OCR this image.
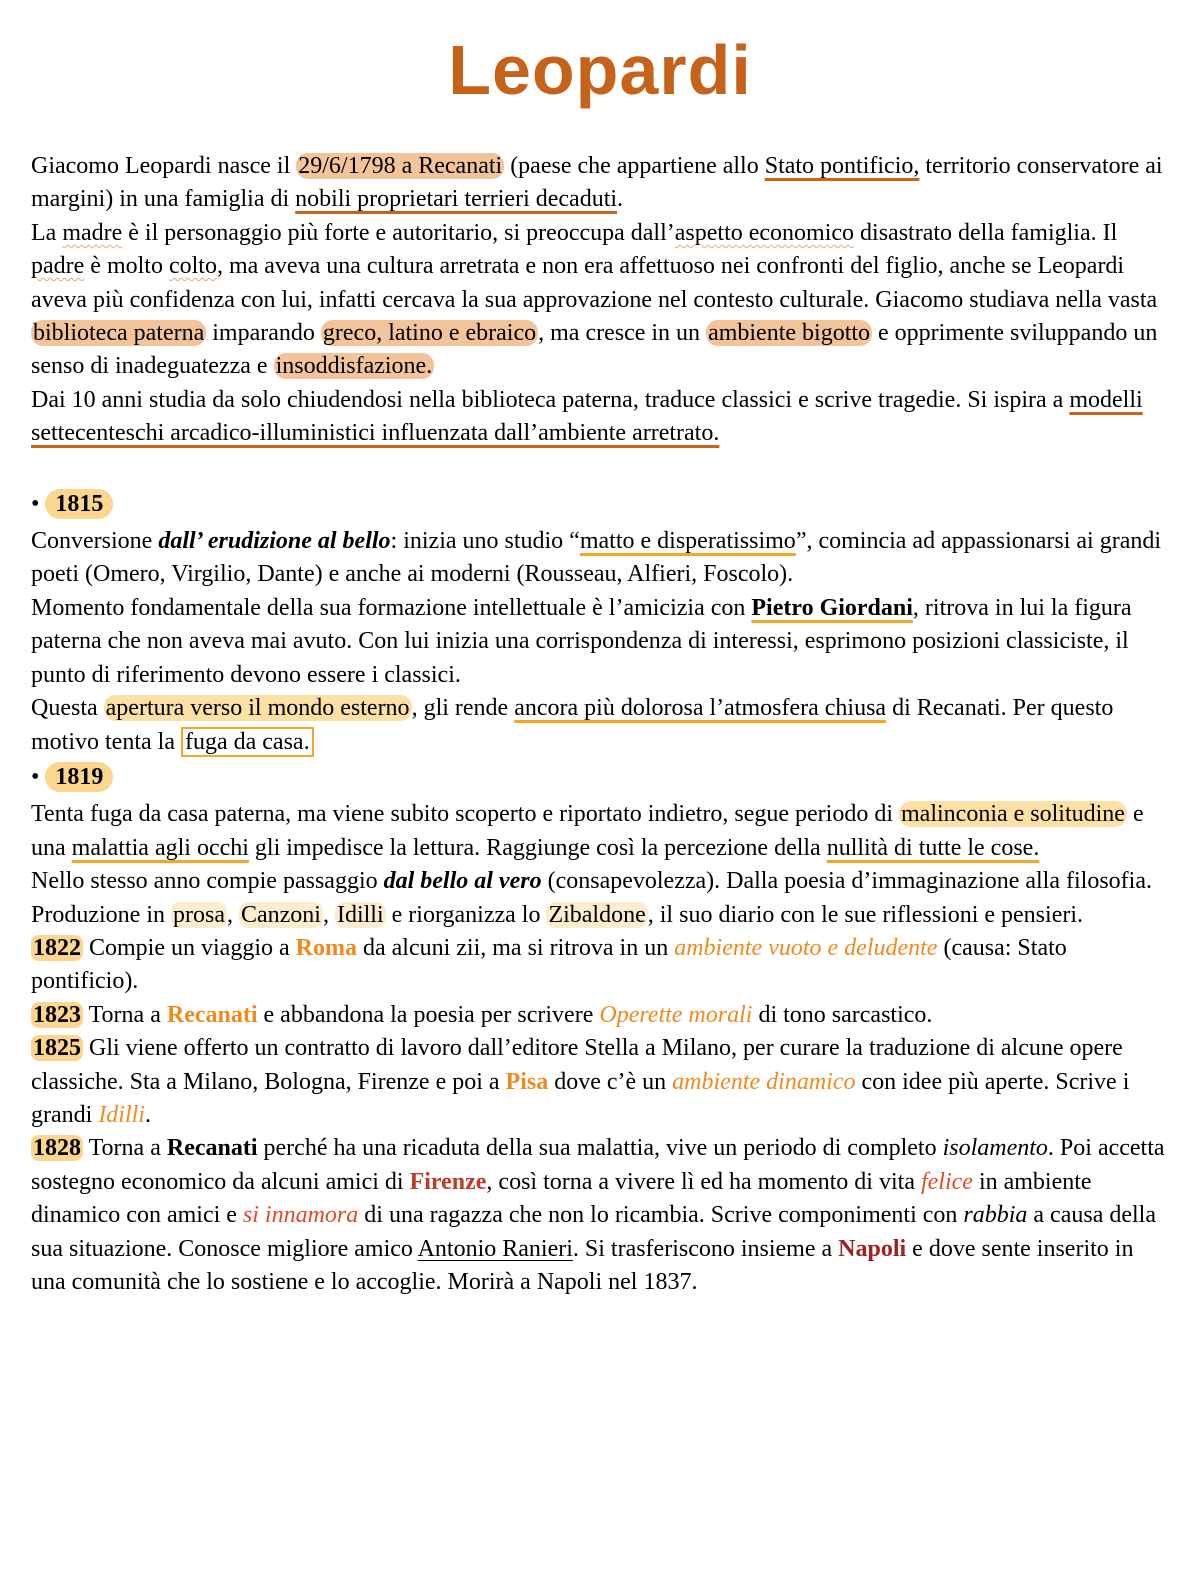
Leopardi

Giacomo Leopardi nasce il 29/6/1798 a Recanati (paese che appartiene allo Stato pontificio, territorio conservatore ai margini) in una famiglia di nobili proprietari terrieri decaduti.

La madre è il personaggio più forte e autoritario, si preoccupa dall’aspetto economico disastrato della famiglia. Il padre è molto colto, ma aveva una cultura arretrata e non era affettuoso nei confronti del figlio, anche se Leopardi aveva più confidenza con lui, infatti cercava la sua approvazione nel contesto culturale. Giacomo studiava nella vasta biblioteca paterna imparando greco, latino e ebraico, ma cresce in un ambiente bigotto e opprimente sviluppando un senso di inadeguatezza e insoddisfazione.

Dai 10 anni studia da solo chiudendosi nella biblioteca paterna, traduce classici e scrive tragedie. Si ispira a modelli settecenteschi arcadico-illuministici influenzata dall’ambiente arretrato.

• 1815

Conversione dall’ erudizione al bello: inizia uno studio “matto e disperatissimo”, comincia ad appassionarsi ai grandi poeti (Omero, Virgilio, Dante) e anche ai moderni (Rousseau, Alfieri, Foscolo).

Momento fondamentale della sua formazione intellettuale è l’amicizia con Pietro Giordani, ritrova in lui la figura paterna che non aveva mai avuto. Con lui inizia una corrispondenza di interessi, esprimono posizioni classiciste, il punto di riferimento devono essere i classici.

Questa apertura verso il mondo esterno, gli rende ancora più dolorosa l’atmosfera chiusa di Recanati. Per questo motivo tenta la fuga da casa.

• 1819

Tenta fuga da casa paterna, ma viene subito scoperto e riportato indietro, segue periodo di malinconia e solitudine e una malattia agli occhi gli impedisce la lettura. Raggiunge così la percezione della nullità di tutte le cose.

Nello stesso anno compie passaggio dal bello al vero (consapevolezza). Dalla poesia d’immaginazione alla filosofia. Produzione in prosa, Canzoni, Idilli e riorganizza lo Zibaldone, il suo diario con le sue riflessioni e pensieri.

1822 Compie un viaggio a Roma da alcuni zii, ma si ritrova in un ambiente vuoto e deludente (causa: Stato pontificio).

1823 Torna a Recanati e abbandona la poesia per scrivere Operette morali di tono sarcastico.

1825 Gli viene offerto un contratto di lavoro dall’editore Stella a Milano, per curare la traduzione di alcune opere classiche. Sta a Milano, Bologna, Firenze e poi a Pisa dove c’è un ambiente dinamico con idee più aperte. Scrive i grandi Idilli.

1828 Torna a Recanati perché ha una ricaduta della sua malattia, vive un periodo di completo isolamento. Poi accetta sostegno economico da alcuni amici di Firenze, così torna a vivere lì ed ha momento di vita felice in ambiente dinamico con amici e si innamora di una ragazza che non lo ricambia. Scrive componimenti con rabbia a causa della sua situazione. Conosce migliore amico Antonio Ranieri. Si trasferiscono insieme a Napoli e dove sente inserito in una comunità che lo sostiene e lo accoglie. Morirà a Napoli nel 1837.
